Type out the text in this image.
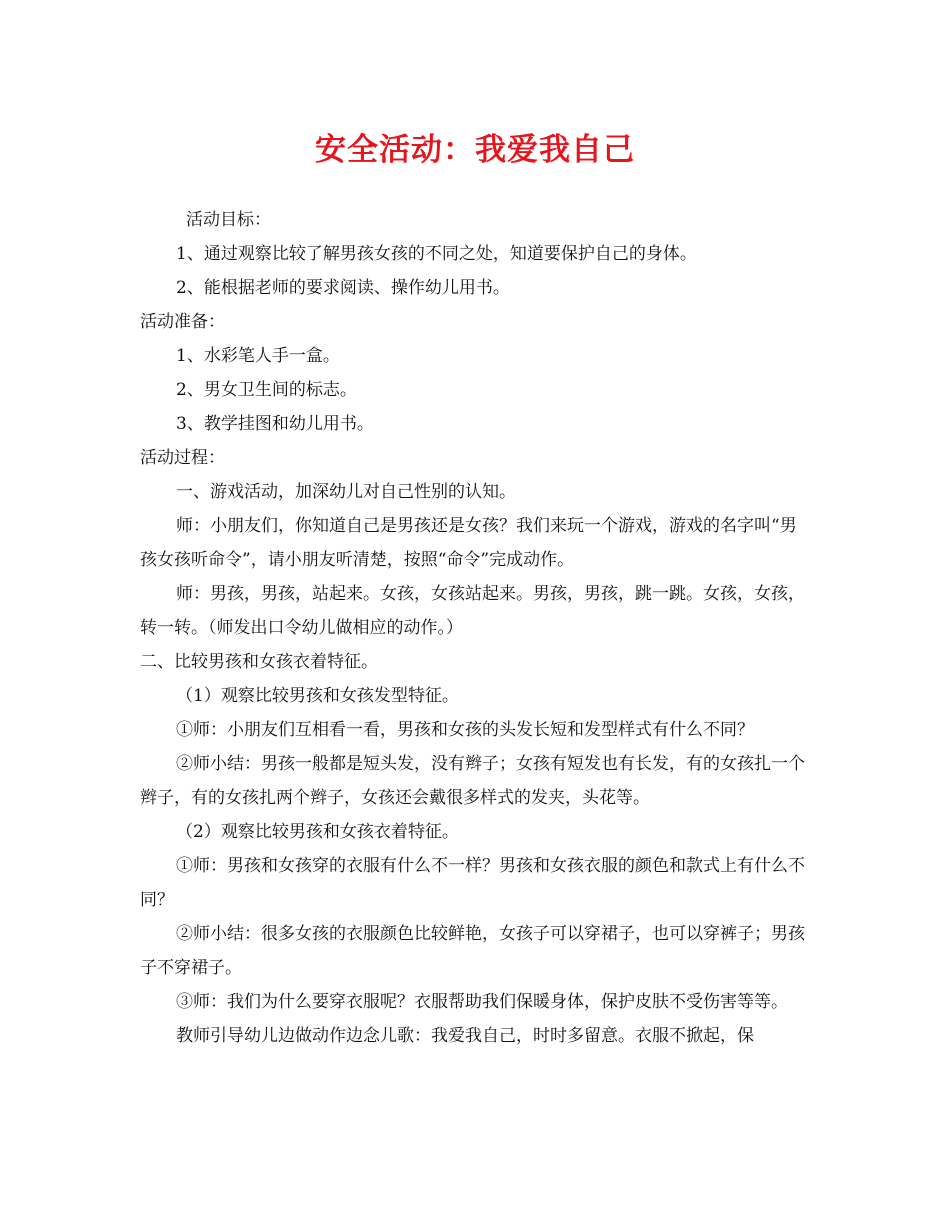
安全活动：我爱我自己

活动目标：

1、通过观察比较了解男孩女孩的不同之处，知道要保护自己的身体。

2、能根据老师的要求阅读、操作幼儿用书。

活动准备：

1、水彩笔人手一盒。

2、男女卫生间的标志。

3、教学挂图和幼儿用书。

活动过程：

一、游戏活动，加深幼儿对自己性别的认知。

师：小朋友们，你知道自己是男孩还是女孩？我们来玩一个游戏，游戏的名字叫“男孩女孩听命令”，请小朋友听清楚，按照“命令”完成动作。

师：男孩，男孩，站起来。女孩，女孩站起来。男孩，男孩，跳一跳。女孩，女孩，转一转。（师发出口令幼儿做相应的动作。）

二、比较男孩和女孩衣着特征。

（1）观察比较男孩和女孩发型特征。

①师：小朋友们互相看一看，男孩和女孩的头发长短和发型样式有什么不同？

②师小结：男孩一般都是短头发，没有辫子；女孩有短发也有长发，有的女孩扎一个辫子，有的女孩扎两个辫子，女孩还会戴很多样式的发夹，头花等。

（2）观察比较男孩和女孩衣着特征。

①师：男孩和女孩穿的衣服有什么不一样？男孩和女孩衣服的颜色和款式上有什么不同？

②师小结：很多女孩的衣服颜色比较鲜艳，女孩子可以穿裙子，也可以穿裤子；男孩子不穿裙子。

③师：我们为什么要穿衣服呢？衣服帮助我们保暖身体，保护皮肤不受伤害等等。

教师引导幼儿边做动作边念儿歌：我爱我自己，时时多留意。衣服不掀起，保
